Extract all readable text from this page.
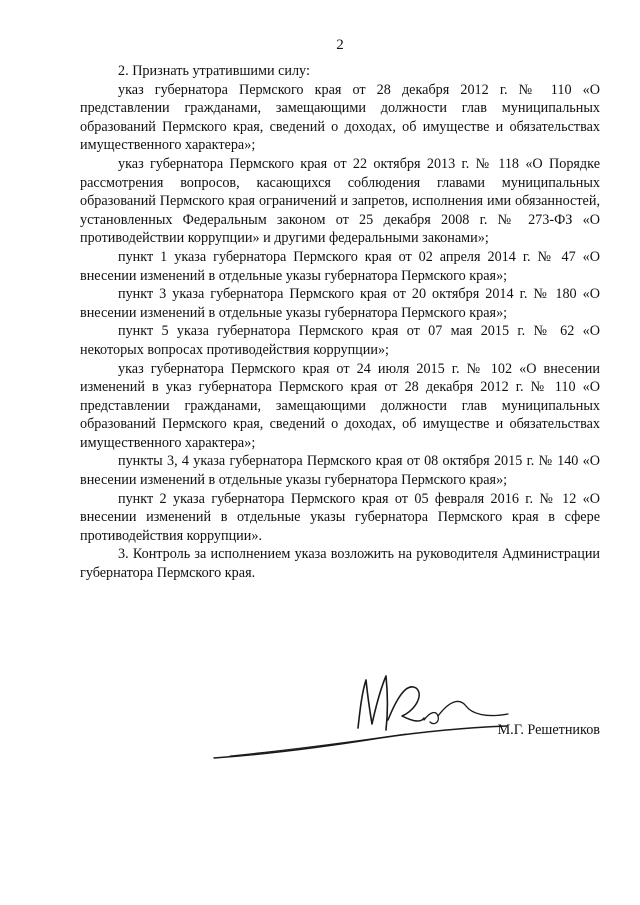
2

2. Признать утратившими силу:

указ губернатора Пермского края от 28 декабря 2012 г. № 110 «О представлении гражданами, замещающими должности глав муниципальных образований Пермского края, сведений о доходах, об имуществе и обязательствах имущественного характера»;

указ губернатора Пермского края от 22 октября 2013 г. № 118 «О Порядке рассмотрения вопросов, касающихся соблюдения главами муниципальных образований Пермского края ограничений и запретов, исполнения ими обязанностей, установленных Федеральным законом от 25 декабря 2008 г. № 273-ФЗ «О противодействии коррупции» и другими федеральными законами»;

пункт 1 указа губернатора Пермского края от 02 апреля 2014 г. № 47 «О внесении изменений в отдельные указы губернатора Пермского края»;

пункт 3 указа губернатора Пермского края от 20 октября 2014 г. № 180 «О внесении изменений в отдельные указы губернатора Пермского края»;

пункт 5 указа губернатора Пермского края от 07 мая 2015 г. № 62 «О некоторых вопросах противодействия коррупции»;

указ губернатора Пермского края от 24 июля 2015 г. № 102 «О внесении изменений в указ губернатора Пермского края от 28 декабря 2012 г. № 110 «О представлении гражданами, замещающими должности глав муниципальных образований Пермского края, сведений о доходах, об имуществе и обязательствах имущественного характера»;

пункты 3, 4 указа губернатора Пермского края от 08 октября 2015 г. № 140 «О внесении изменений в отдельные указы губернатора Пермского края»;

пункт 2 указа губернатора Пермского края от 05 февраля 2016 г. № 12 «О внесении изменений в отдельные указы губернатора Пермского края в сфере противодействия коррупции».

3. Контроль за исполнением указа возложить на руководителя Администрации губернатора Пермского края.

М.Г. Решетников
